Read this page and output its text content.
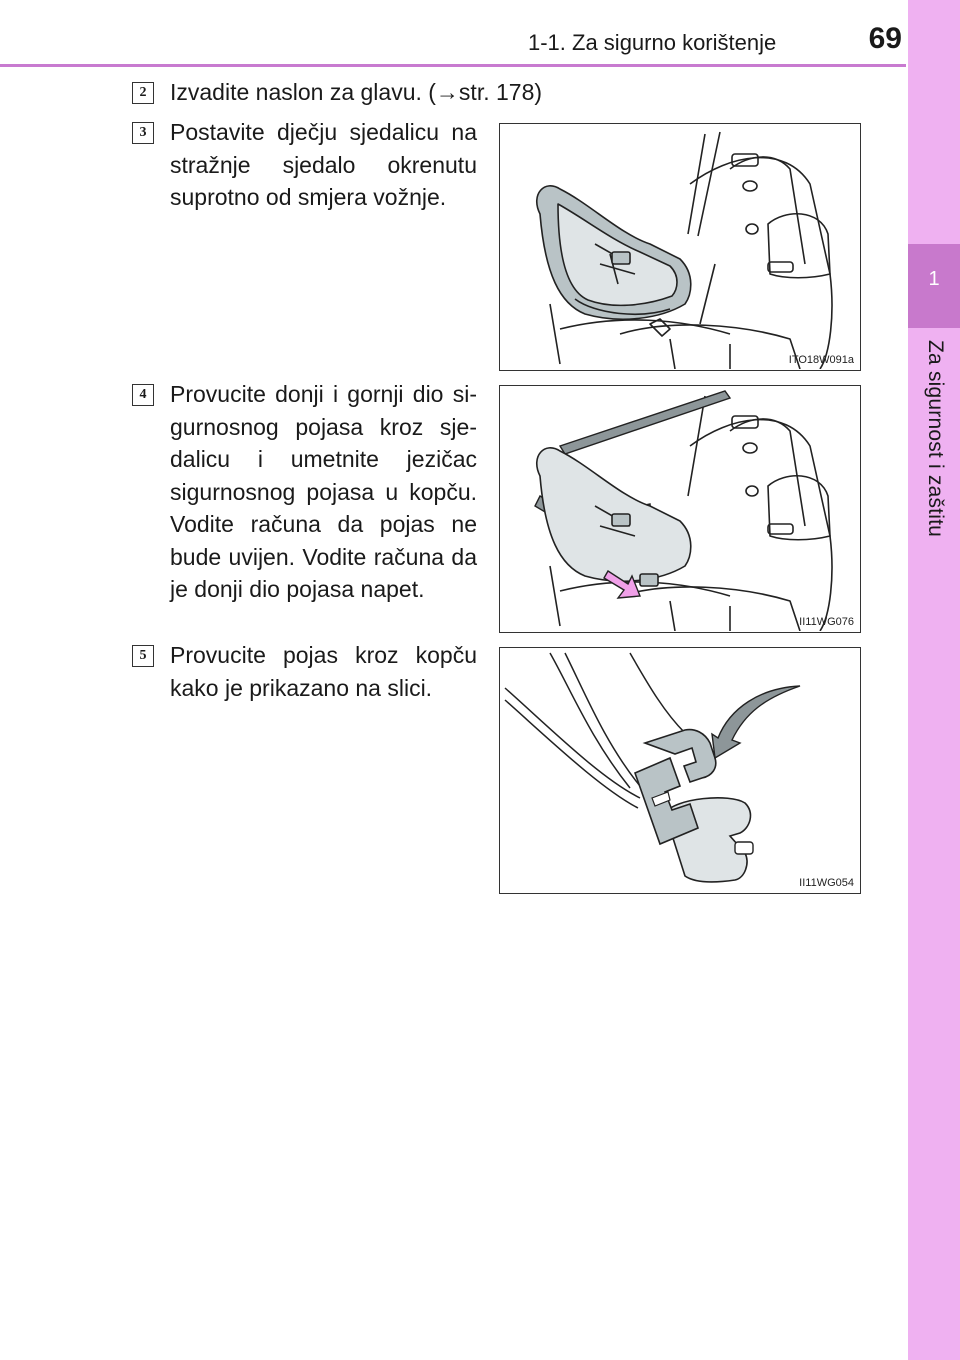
1-1. Za sigurno korištenje	69
1
Za sigurnost i zaštitu
2	Izvadite naslon za glavu. (→str. 178)
3	Postavite dječju sjedalicu na stražnje sjedalo okrenutu suprotno od smjera vožnje.
4	Provucite donji i gornji dio sigurnosnog pojasa kroz sjedalicu i umetnite jezičac sigurnosnog pojasa u kopču. Vodite računa da pojas ne bude uvijen. Vodite računa da je donji dio pojasa napet.
5	Provucite pojas kroz kopču kako je prikazano na slici.
ITO18W091a
II11WG076
II11WG054
